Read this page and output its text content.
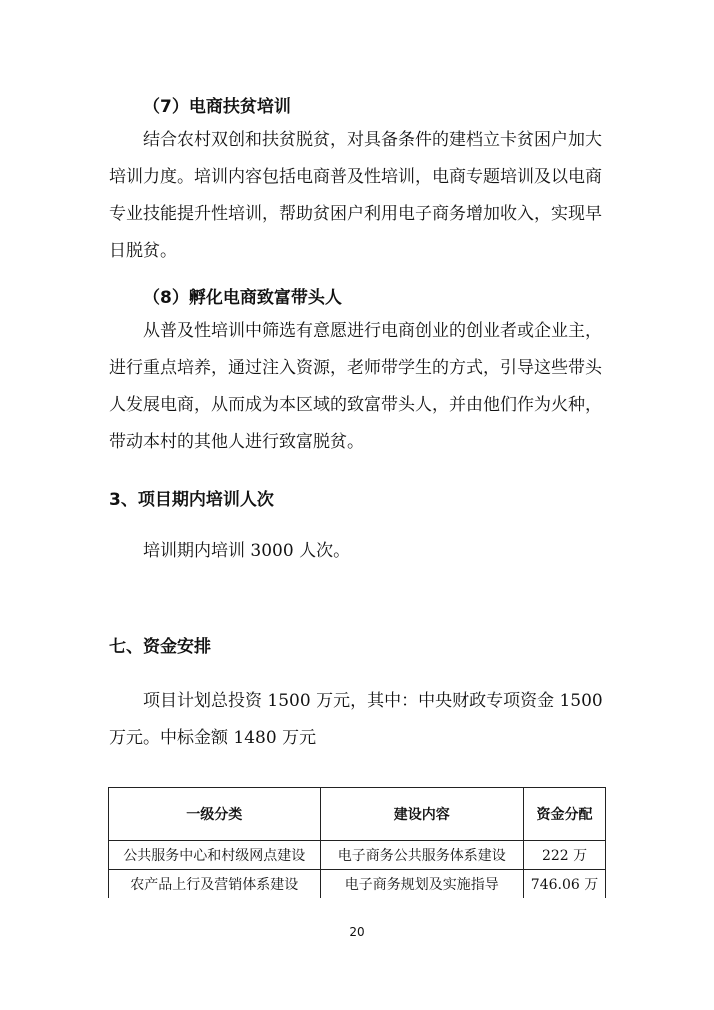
（7）电商扶贫培训

结合农村双创和扶贫脱贫，对具备条件的建档立卡贫困户加大培训力度。培训内容包括电商普及性培训，电商专题培训及以电商专业技能提升性培训，帮助贫困户利用电子商务增加收入，实现早日脱贫。

（8）孵化电商致富带头人

从普及性培训中筛选有意愿进行电商创业的创业者或企业主，进行重点培养，通过注入资源，老师带学生的方式，引导这些带头人发展电商，从而成为本区域的致富带头人，并由他们作为火种，带动本村的其他人进行致富脱贫。

3、项目期内培训人次

培训期内培训 3000 人次。

七、资金安排

项目计划总投资 1500 万元，其中：中央财政专项资金 1500 万元。中标金额 1480 万元

一级分类	建设内容	资金分配
公共服务中心和村级网点建设	电子商务公共服务体系建设	222 万
农产品上行及营销体系建设	电子商务规划及实施指导	746.06 万
20
